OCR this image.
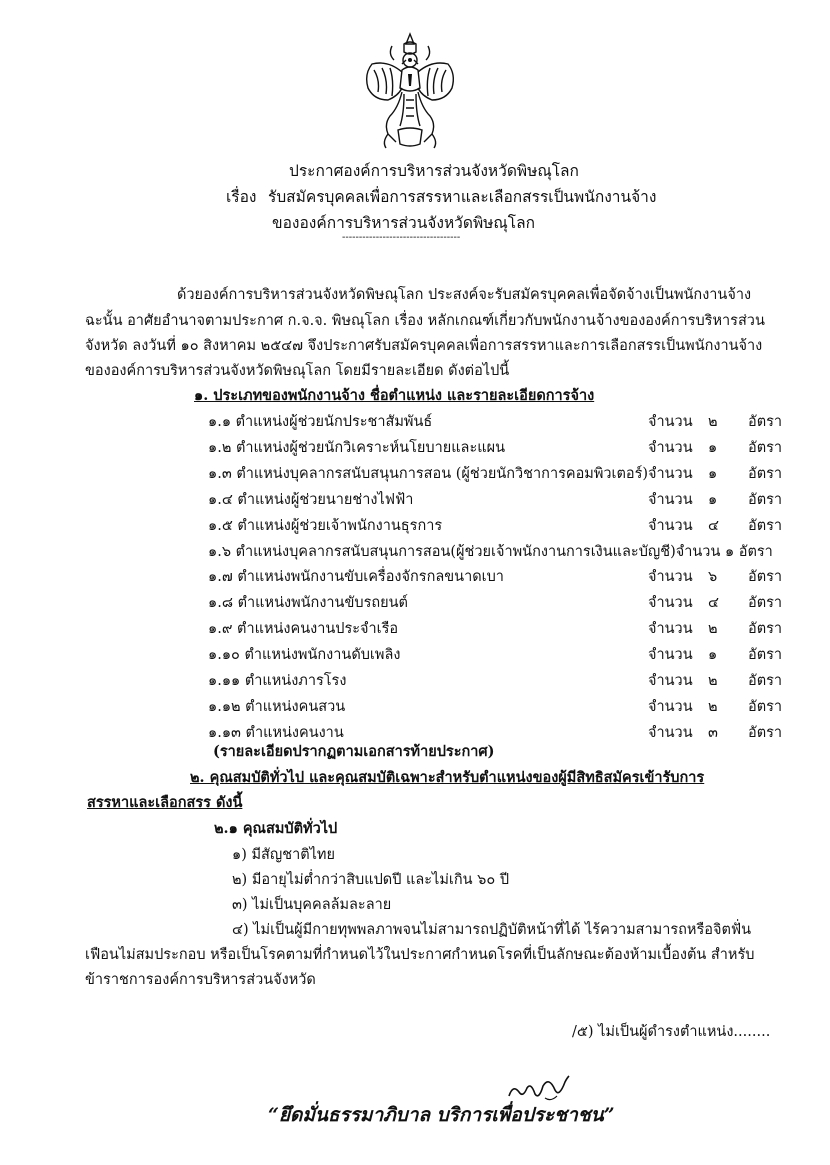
ประกาศองค์การบริหารส่วนจังหวัดพิษณุโลก
เรื่อง รับสมัครบุคคลเพื่อการสรรหาและเลือกสรรเป็นพนักงานจ้าง
ขององค์การบริหารส่วนจังหวัดพิษณุโลก
-----------------------------------
ด้วยองค์การบริหารส่วนจังหวัดพิษณุโลก ประสงค์จะรับสมัครบุคคลเพื่อจัดจ้างเป็นพนักงานจ้าง
ฉะนั้น อาศัยอำนาจตามประกาศ ก.จ.จ. พิษณุโลก เรื่อง หลักเกณฑ์เกี่ยวกับพนักงานจ้างขององค์การบริหารส่วน
จังหวัด ลงวันที่ ๑๐ สิงหาคม ๒๕๔๗ จึงประกาศรับสมัครบุคคลเพื่อการสรรหาและการเลือกสรรเป็นพนักงานจ้าง
ขององค์การบริหารส่วนจังหวัดพิษณุโลก โดยมีรายละเอียด ดังต่อไปนี้
๑. ประเภทของพนักงานจ้าง ชื่อตำแหน่ง และรายละเอียดการจ้าง
๑.๑ ตำแหน่งผู้ช่วยนักประชาสัมพันธ์	จำนวน ๒ อัตรา
๑.๒ ตำแหน่งผู้ช่วยนักวิเคราะห์นโยบายและแผน	จำนวน ๑ อัตรา
๑.๓ ตำแหน่งบุคลากรสนับสนุนการสอน (ผู้ช่วยนักวิชาการคอมพิวเตอร์) จำนวน ๑ อัตรา
๑.๔ ตำแหน่งผู้ช่วยนายช่างไฟฟ้า	จำนวน ๑ อัตรา
๑.๕ ตำแหน่งผู้ช่วยเจ้าพนักงานธุรการ	จำนวน ๔ อัตรา
๑.๖ ตำแหน่งบุคลากรสนับสนุนการสอน(ผู้ช่วยเจ้าพนักงานการเงินและบัญชี)จำนวน ๑ อัตรา
๑.๗ ตำแหน่งพนักงานขับเครื่องจักรกลขนาดเบา	จำนวน ๖ อัตรา
๑.๘ ตำแหน่งพนักงานขับรถยนต์	จำนวน ๔ อัตรา
๑.๙ ตำแหน่งคนงานประจำเรือ	จำนวน ๒ อัตรา
๑.๑๐ ตำแหน่งพนักงานดับเพลิง	จำนวน ๑ อัตรา
๑.๑๑ ตำแหน่งภารโรง	จำนวน ๒ อัตรา
๑.๑๒ ตำแหน่งคนสวน	จำนวน ๒ อัตรา
๑.๑๓ ตำแหน่งคนงาน	จำนวน ๓ อัตรา
(รายละเอียดปรากฏตามเอกสารท้ายประกาศ)
๒. คุณสมบัติทั่วไป และคุณสมบัติเฉพาะสำหรับตำแหน่งของผู้มีสิทธิสมัครเข้ารับการ
สรรหาและเลือกสรร ดังนี้
๒.๑ คุณสมบัติทั่วไป
๑) มีสัญชาติไทย
๒) มีอายุไม่ต่ำกว่าสิบแปดปี และไม่เกิน ๖๐ ปี
๓) ไม่เป็นบุคคลล้มละลาย
๔) ไม่เป็นผู้มีกายทุพพลภาพจนไม่สามารถปฏิบัติหน้าที่ได้ ไร้ความสามารถหรือจิตฟั่น
เฟือนไม่สมประกอบ หรือเป็นโรคตามที่กำหนดไว้ในประกาศกำหนดโรคที่เป็นลักษณะต้องห้ามเบื้องต้น สำหรับ
ข้าราชการองค์การบริหารส่วนจังหวัด
/๕) ไม่เป็นผู้ดำรงตำแหน่ง........
“ยึดมั่นธรรมาภิบาล บริการเพื่อประชาชน”
